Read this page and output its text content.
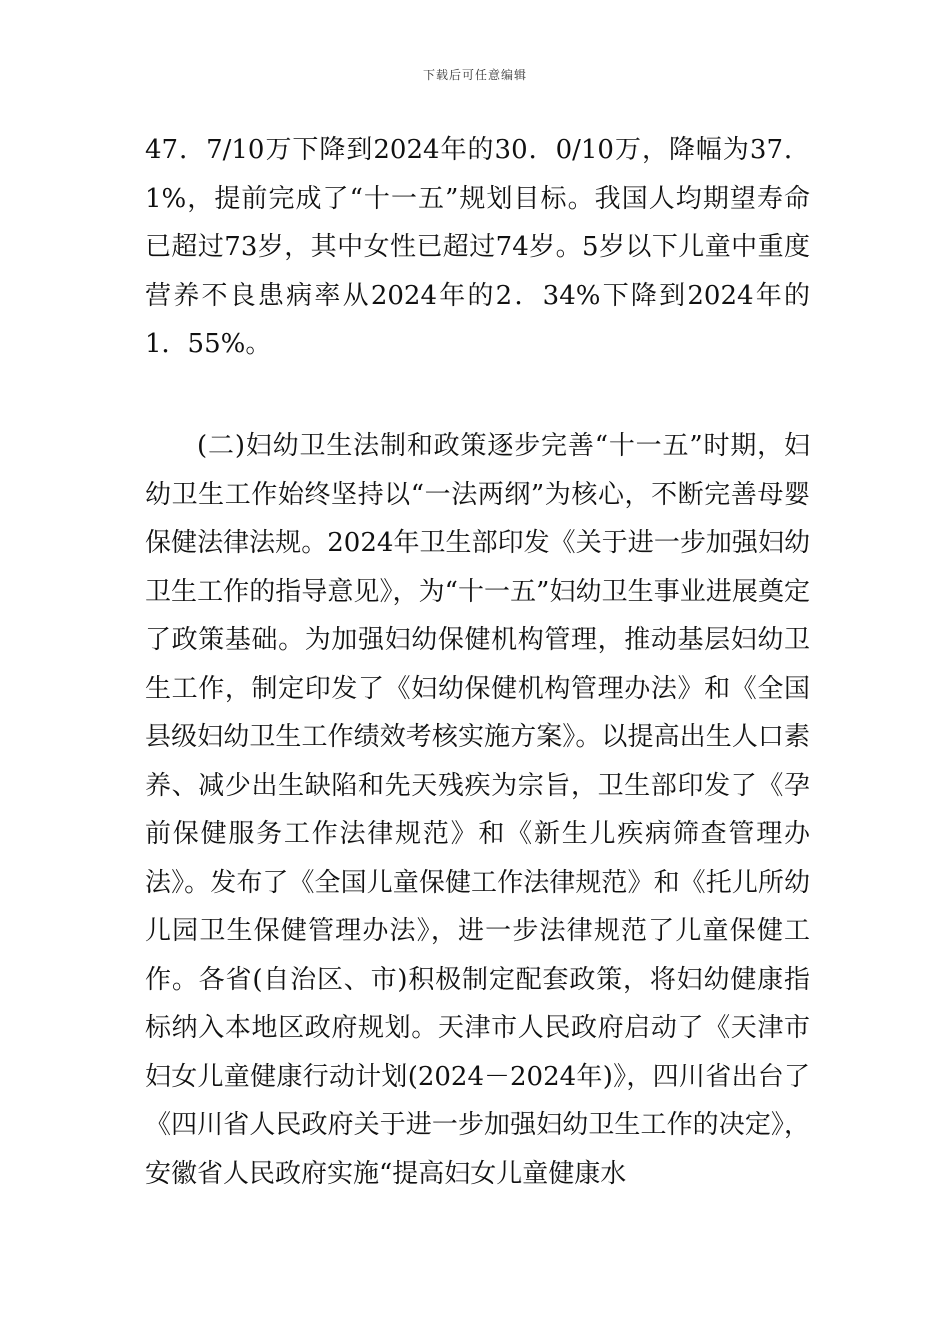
下载后可任意编辑

47．7/10万下降到2024年的30．0/10万，降幅为37．1%，提前完成了“十一五”规划目标。我国人均期望寿命已超过73岁，其中女性已超过74岁。5岁以下儿童中重度营养不良患病率从2024年的2．34%下降到2024年的1．55%。

(二)妇幼卫生法制和政策逐步完善“十一五”时期，妇幼卫生工作始终坚持以“一法两纲”为核心，不断完善母婴保健法律法规。2024年卫生部印发《关于进一步加强妇幼卫生工作的指导意见》，为“十一五”妇幼卫生事业进展奠定了政策基础。为加强妇幼保健机构管理，推动基层妇幼卫生工作，制定印发了《妇幼保健机构管理办法》和《全国县级妇幼卫生工作绩效考核实施方案》。以提高出生人口素养、减少出生缺陷和先天残疾为宗旨，卫生部印发了《孕前保健服务工作法律规范》和《新生儿疾病筛查管理办法》。发布了《全国儿童保健工作法律规范》和《托儿所幼儿园卫生保健管理办法》，进一步法律规范了儿童保健工作。各省(自治区、市)积极制定配套政策，将妇幼健康指标纳入本地区政府规划。天津市人民政府启动了《天津市妇女儿童健康行动计划(2024－2024年)》，四川省出台了《四川省人民政府关于进一步加强妇幼卫生工作的决定》，安徽省人民政府实施“提高妇女儿童健康水
